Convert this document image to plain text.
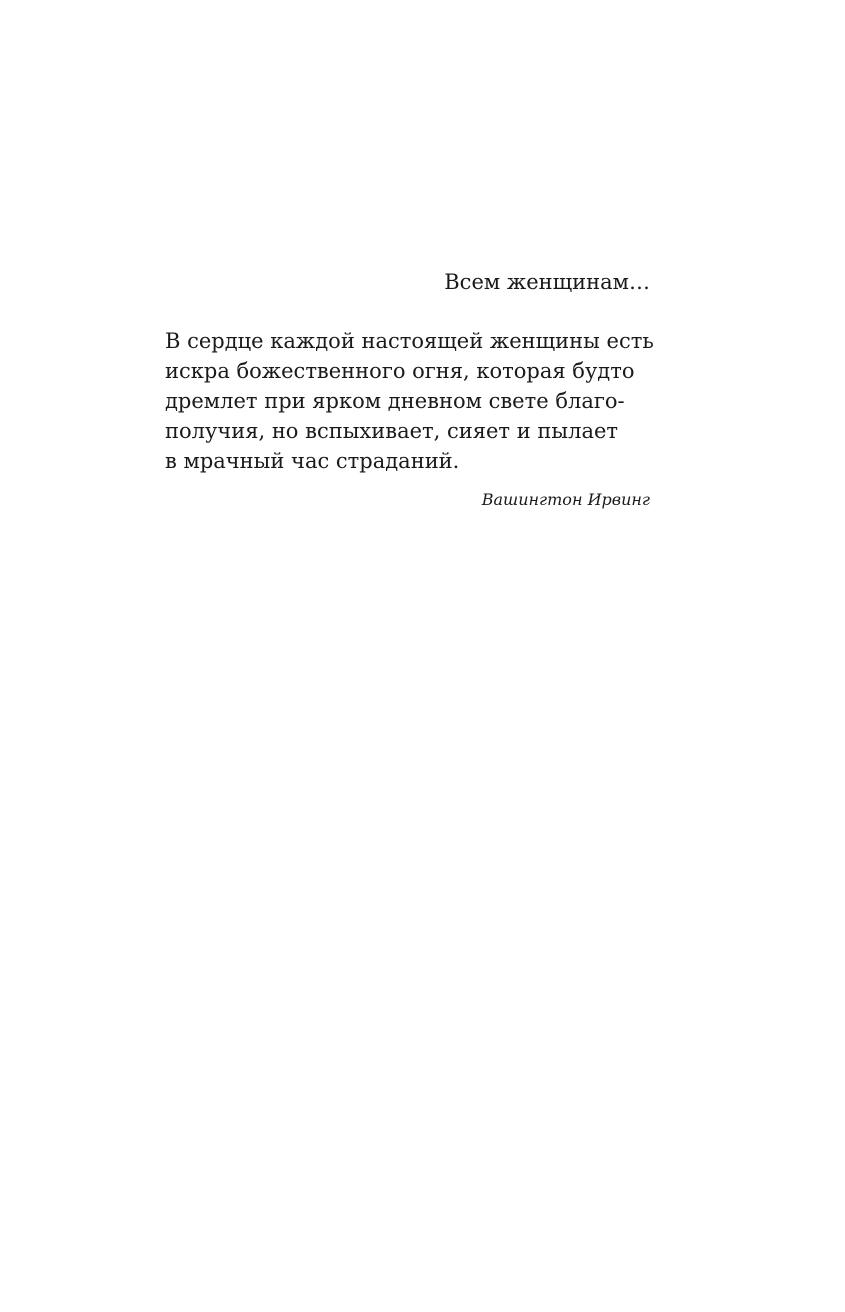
Всем женщинам…
В сердце каждой настоящей женщины есть
искра божественного огня, которая будто
дремлет при ярком дневном свете благо-
получия, но вспыхивает, сияет и пылает
в мрачный час страданий.
Вашингтон Ирвинг
